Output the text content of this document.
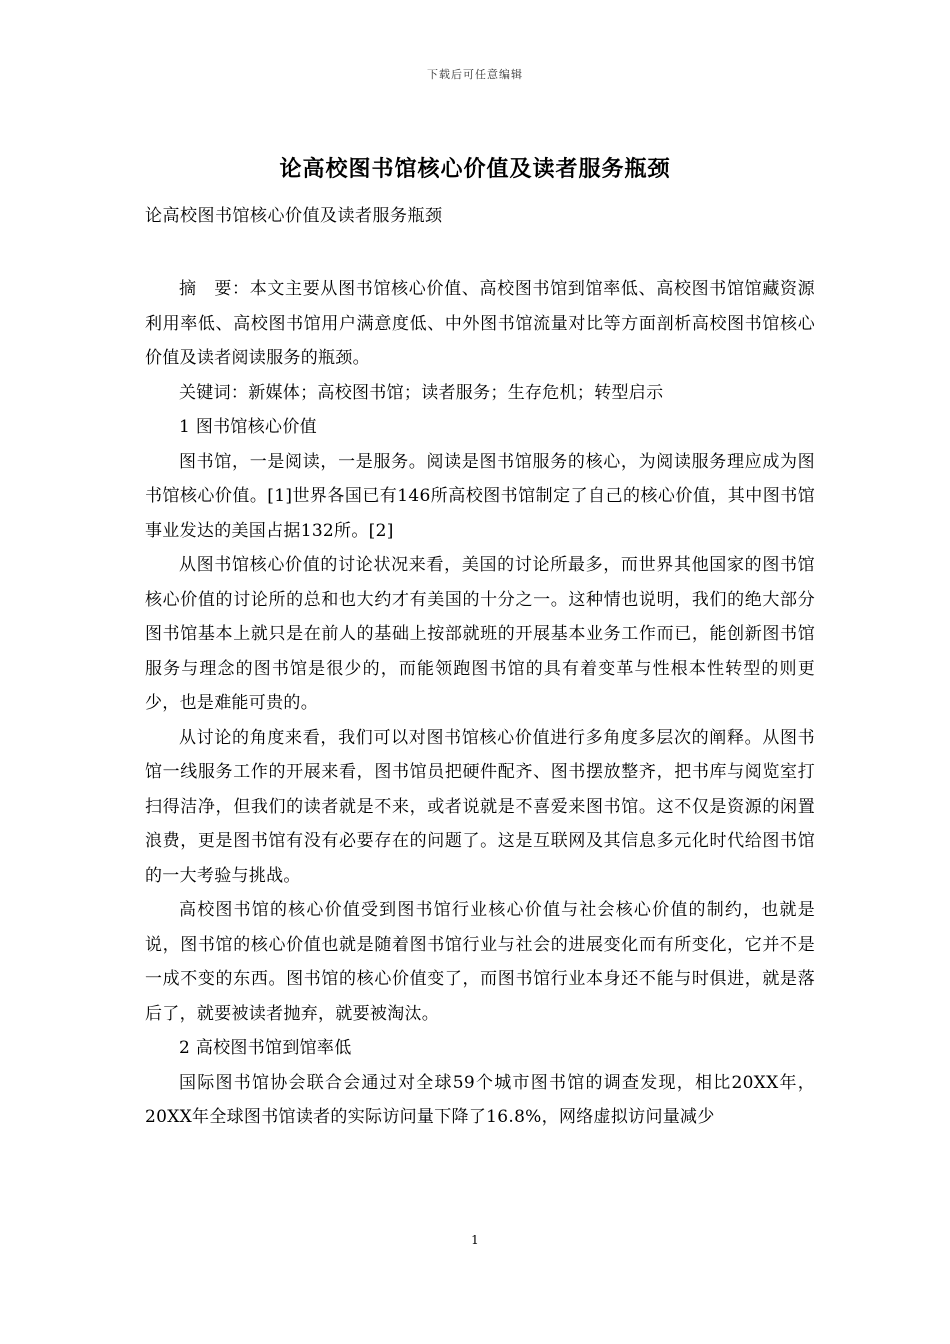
下载后可任意编辑
论高校图书馆核心价值及读者服务瓶颈
论高校图书馆核心价值及读者服务瓶颈

摘　要：本文主要从图书馆核心价值、高校图书馆到馆率低、高校图书馆馆藏资源利用率低、高校图书馆用户满意度低、中外图书馆流量对比等方面剖析高校图书馆核心价值及读者阅读服务的瓶颈。

关键词：新媒体；高校图书馆；读者服务；生存危机；转型启示

1 图书馆核心价值

图书馆，一是阅读，一是服务。阅读是图书馆服务的核心，为阅读服务理应成为图书馆核心价值。[1]世界各国已有146所高校图书馆制定了自己的核心价值，其中图书馆事业发达的美国占据132所。[2]

从图书馆核心价值的讨论状况来看，美国的讨论所最多，而世界其他国家的图书馆核心价值的讨论所的总和也大约才有美国的十分之一。这种情也说明，我们的绝大部分图书馆基本上就只是在前人的基础上按部就班的开展基本业务工作而已，能创新图书馆服务与理念的图书馆是很少的，而能领跑图书馆的具有着变革与性根本性转型的则更少，也是难能可贵的。

从讨论的角度来看，我们可以对图书馆核心价值进行多角度多层次的阐释。从图书馆一线服务工作的开展来看，图书馆员把硬件配齐、图书摆放整齐，把书库与阅览室打扫得洁净，但我们的读者就是不来，或者说就是不喜爱来图书馆。这不仅是资源的闲置浪费，更是图书馆有没有必要存在的问题了。这是互联网及其信息多元化时代给图书馆的一大考验与挑战。

高校图书馆的核心价值受到图书馆行业核心价值与社会核心价值的制约，也就是说，图书馆的核心价值也就是随着图书馆行业与社会的进展变化而有所变化，它并不是一成不变的东西。图书馆的核心价值变了，而图书馆行业本身还不能与时俱进，就是落后了，就要被读者抛弃，就要被淘汰。

2 高校图书馆到馆率低

国际图书馆协会联合会通过对全球59个城市图书馆的调查发现，相比20XX年，20XX年全球图书馆读者的实际访问量下降了16.8%，网络虚拟访问量减少

1
